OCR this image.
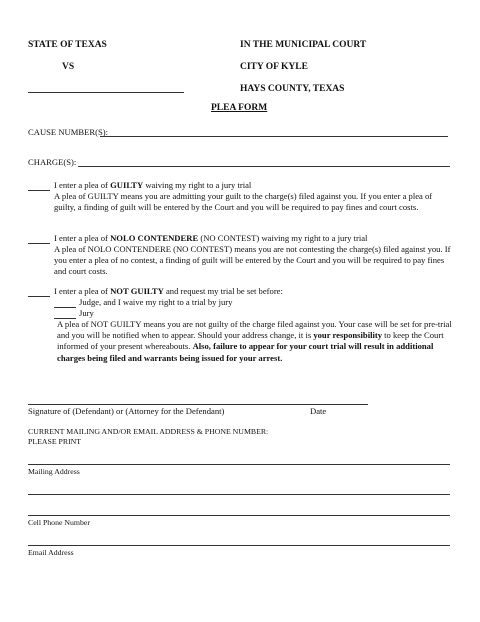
STATE OF TEXAS
VS
IN THE MUNICIPAL COURT
CITY OF KYLE
HAYS COUNTY, TEXAS
PLEA FORM
CAUSE NUMBER(S):
CHARGE(S):
I enter a plea of GUILTY waiving my right to a jury trial
A plea of GUILTY means you are admitting your guilt to the charge(s) filed against you. If you enter a plea of guilty, a finding of guilt will be entered by the Court and you will be required to pay fines and court costs.
I enter a plea of NOLO CONTENDERE (NO CONTEST) waiving my right to a jury trial
A plea of NOLO CONTENDERE (NO CONTEST) means you are not contesting the charge(s) filed against you. If you enter a plea of no contest, a finding of guilt will be entered by the Court and you will be required to pay fines and court costs.
I enter a plea of NOT GUILTY and request my trial be set before:
Judge, and I waive my right to a trial by jury
Jury
A plea of NOT GUILTY means you are not guilty of the charge filed against you. Your case will be set for pre-trial and you will be notified when to appear. Should your address change, it is your responsibility to keep the Court informed of your present whereabouts. Also, failure to appear for your court trial will result in additional charges being filed and warrants being issued for your arrest.
Signature of (Defendant) or (Attorney for the Defendant)	Date
CURRENT MAILING AND/OR EMAIL ADDRESS & PHONE NUMBER:
PLEASE PRINT
Mailing Address
Cell Phone Number
Email Address
